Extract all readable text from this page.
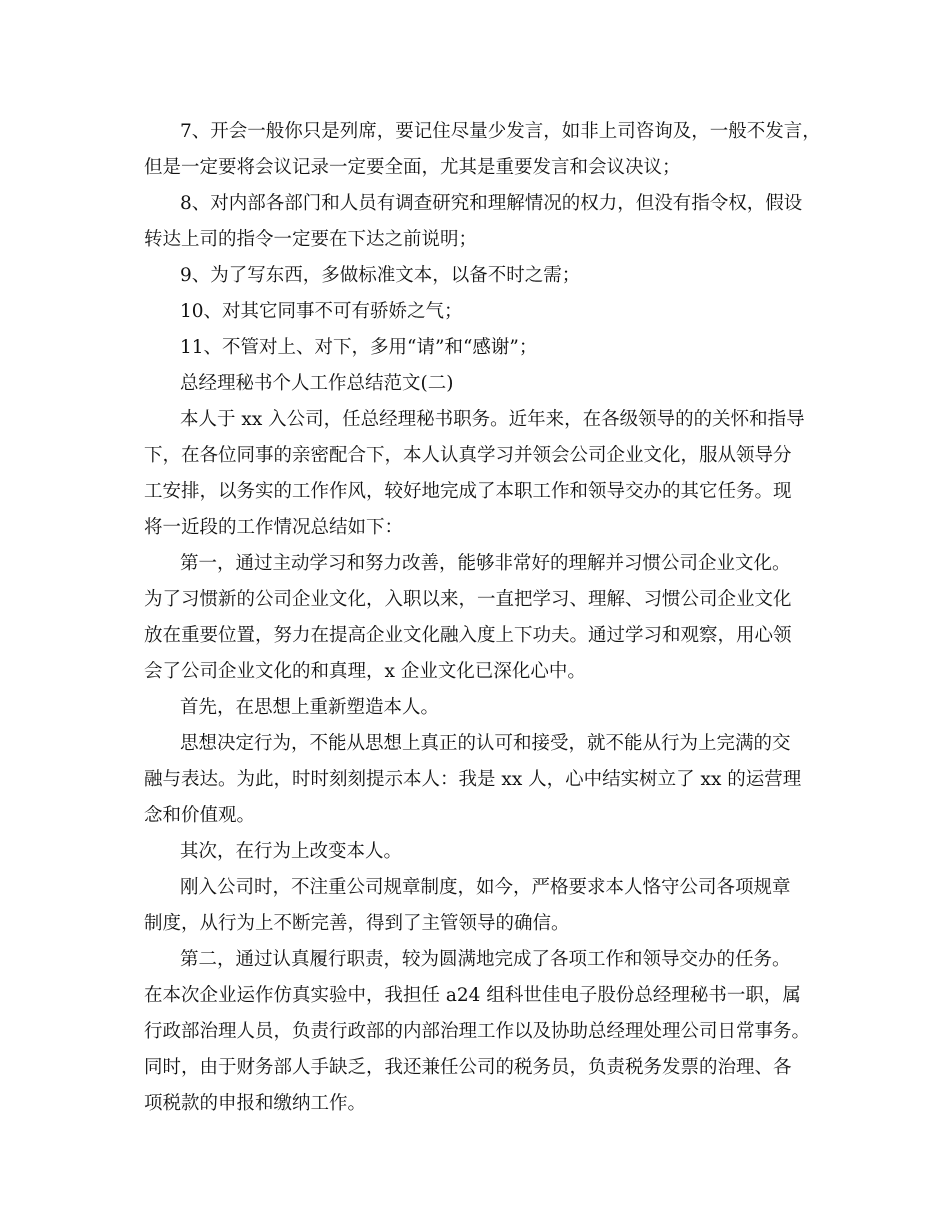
7、开会一般你只是列席，要记住尽量少发言，如非上司咨询及，一般不发言，
但是一定要将会议记录一定要全面，尤其是重要发言和会议决议；
8、对内部各部门和人员有调查研究和理解情况的权力，但没有指令权，假设
转达上司的指令一定要在下达之前说明；
9、为了写东西，多做标准文本，以备不时之需；
10、对其它同事不可有骄娇之气；
11、不管对上、对下，多用“请”和“感谢”；
总经理秘书个人工作总结范文(二)
本人于 xx 入公司，任总经理秘书职务。近年来，在各级领导的的关怀和指导
下，在各位同事的亲密配合下，本人认真学习并领会公司企业文化，服从领导分
工安排，以务实的工作作风，较好地完成了本职工作和领导交办的其它任务。现
将一近段的工作情况总结如下：
第一，通过主动学习和努力改善，能够非常好的理解并习惯公司企业文化。
为了习惯新的公司企业文化，入职以来，一直把学习、理解、习惯公司企业文化
放在重要位置，努力在提高企业文化融入度上下功夫。通过学习和观察，用心领
会了公司企业文化的和真理，x 企业文化已深化心中。
首先，在思想上重新塑造本人。
思想决定行为，不能从思想上真正的认可和接受，就不能从行为上完满的交
融与表达。为此，时时刻刻提示本人：我是 xx 人，心中结实树立了 xx 的运营理
念和价值观。
其次，在行为上改变本人。
刚入公司时，不注重公司规章制度，如今，严格要求本人恪守公司各项规章
制度，从行为上不断完善，得到了主管领导的确信。
第二，通过认真履行职责，较为圆满地完成了各项工作和领导交办的任务。
在本次企业运作仿真实验中，我担任 a24 组科世佳电子股份总经理秘书一职，属
行政部治理人员，负责行政部的内部治理工作以及协助总经理处理公司日常事务。
同时，由于财务部人手缺乏，我还兼任公司的税务员，负责税务发票的治理、各
项税款的申报和缴纳工作。
